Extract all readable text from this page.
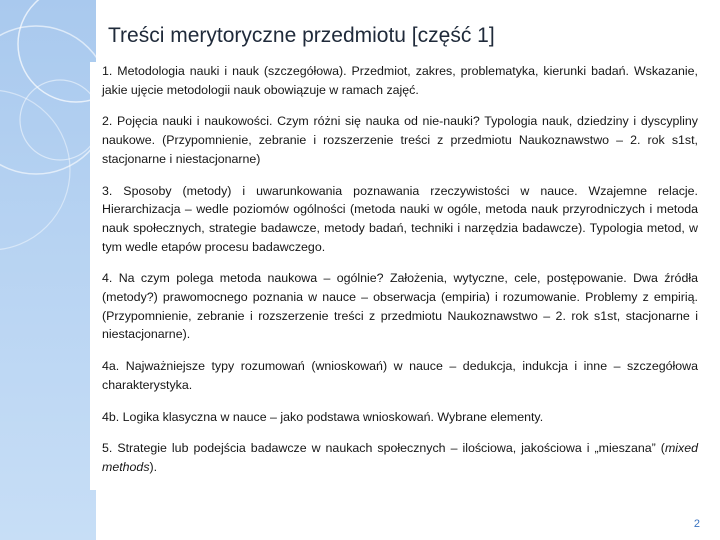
Treści merytoryczne przedmiotu [część 1]

1. Metodologia nauki i nauk (szczegółowa). Przedmiot, zakres, problematyka, kierunki badań. Wskazanie, jakie ujęcie metodologii nauk obowiązuje w ramach zajęć.

2. Pojęcia nauki i naukowości. Czym różni się nauka od nie-nauki? Typologia nauk, dziedziny i dyscypliny naukowe. (Przypomnienie, zebranie i rozszerzenie treści z przedmiotu Naukoznawstwo – 2. rok s1st, stacjonarne i niestacjonarne)

3. Sposoby (metody) i uwarunkowania poznawania rzeczywistości w nauce. Wzajemne relacje. Hierarchizacja – wedle poziomów ogólności (metoda nauki w ogóle, metoda nauk przyrodniczych i metoda nauk społecznych, strategie badawcze, metody badań, techniki i narzędzia badawcze). Typologia metod, w tym wedle etapów procesu badawczego.

4. Na czym polega metoda naukowa – ogólnie? Założenia, wytyczne, cele, postępowanie. Dwa źródła (metody?) prawomocnego poznania w nauce – obserwacja (empiria) i rozumowanie. Problemy z empirią. (Przypomnienie, zebranie i rozszerzenie treści z przedmiotu Naukoznawstwo – 2. rok s1st, stacjonarne i niestacjonarne).

4a. Najważniejsze typy rozumowań (wnioskowań) w nauce – dedukcja, indukcja i inne – szczegółowa charakterystyka.

4b. Logika klasyczna w nauce – jako podstawa wnioskowań. Wybrane elementy.

5. Strategie lub podejścia badawcze w naukach społecznych – ilościowa, jakościowa i „mieszana” (mixed methods).

2
